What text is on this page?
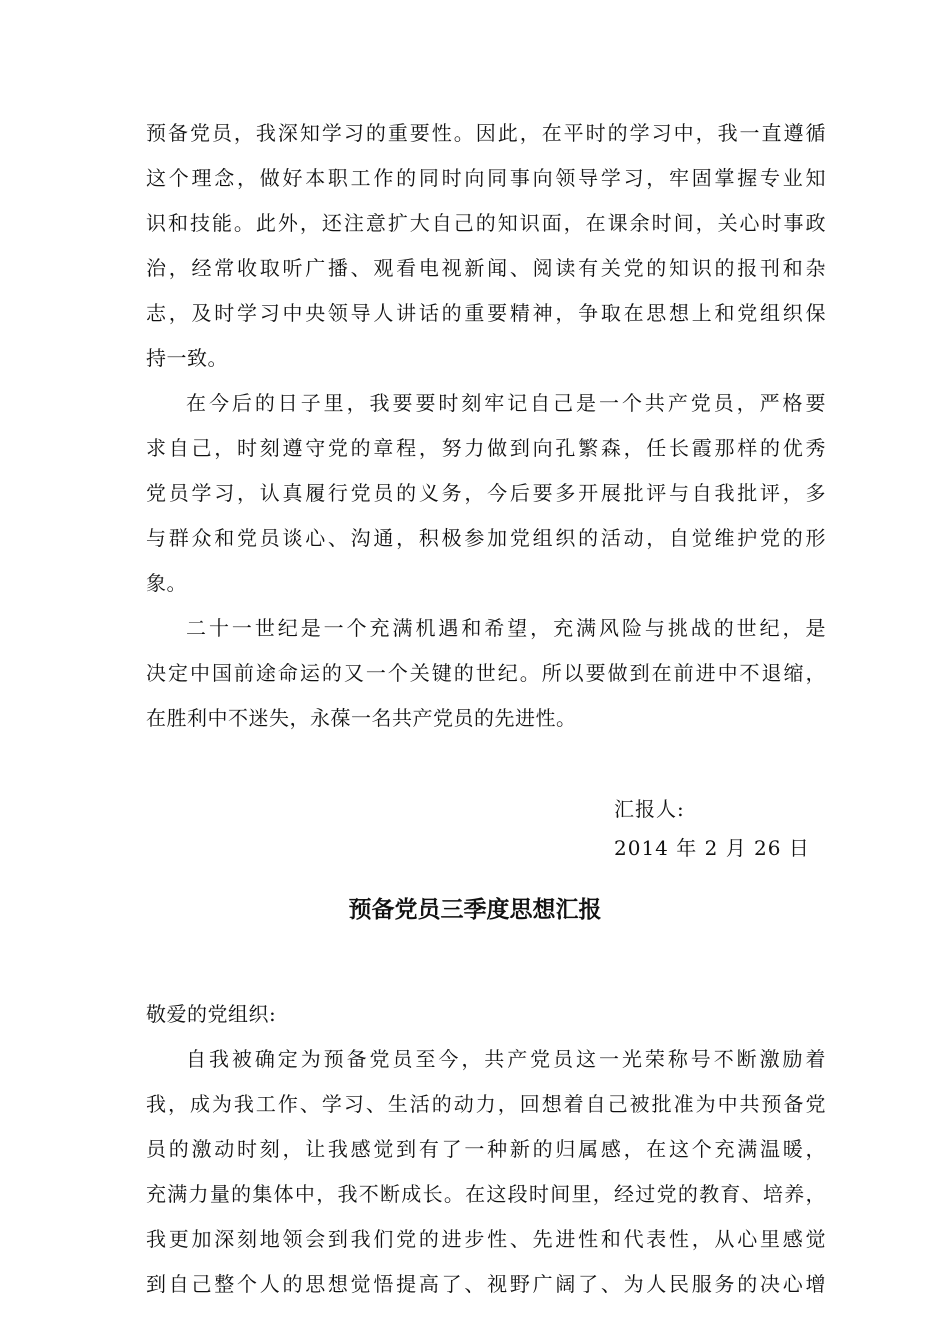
预备党员，我深知学习的重要性。因此，在平时的学习中，我一直遵循
这个理念，做好本职工作的同时向同事向领导学习，牢固掌握专业知
识和技能。此外，还注意扩大自己的知识面，在课余时间，关心时事政
治，经常收取听广播、观看电视新闻、阅读有关党的知识的报刊和杂
志，及时学习中央领导人讲话的重要精神，争取在思想上和党组织保
持一致。
在今后的日子里，我要要时刻牢记自己是一个共产党员，严格要
求自己，时刻遵守党的章程，努力做到向孔繁森，任长霞那样的优秀
党员学习，认真履行党员的义务，今后要多开展批评与自我批评，多
与群众和党员谈心、沟通，积极参加党组织的活动，自觉维护党的形
象。
二十一世纪是一个充满机遇和希望，充满风险与挑战的世纪，是
决定中国前途命运的又一个关键的世纪。所以要做到在前进中不退缩，
在胜利中不迷失，永葆一名共产党员的先进性。
汇报人:
2014 年 2 月 26 日
预备党员三季度思想汇报
敬爱的党组织:
自我被确定为预备党员至今，共产党员这一光荣称号不断激励着
我，成为我工作、学习、生活的动力，回想着自己被批准为中共预备党
员的激动时刻，让我感觉到有了一种新的归属感，在这个充满温暖，
充满力量的集体中，我不断成长。在这段时间里，经过党的教育、培养，
我更加深刻地领会到我们党的进步性、先进性和代表性，从心里感觉
到自己整个人的思想觉悟提高了、视野广阔了、为人民服务的决心增
